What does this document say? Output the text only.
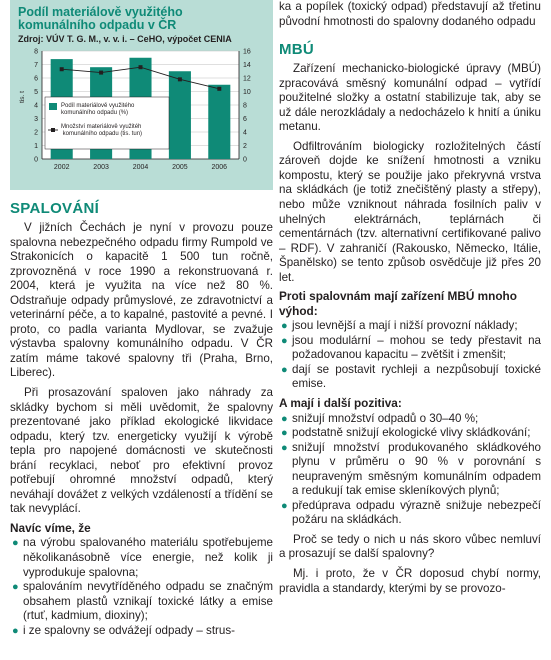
Podíl materiálově využitého
komunálního odpadu v ČR
Zdroj: VÚV T. G. M., v. v. i. – CeHO, výpočet CENIA
0	0
1	2
2	4
3	6
4	8
5	10
6	12
7	14
8	16
tis. t
2002	2003	2004	2005	2006
Podíl materiálově využitého komunálního odpadu (%)
Množství materiálově využitéh komunálního odpadu (tis. tun)
SPALOVÁNÍ

V jižních Čechách je nyní v provozu pouze spalovna nebezpečného odpadu firmy Rumpold ve Strakonicích o kapacitě 1 500 tun ročně, zprovozněná v roce 1990 a rekonstruovaná r. 2004, která je využita na více než 80 %. Odstraňuje odpady průmyslové, ze zdravotnictví a veterinární péče, a to kapalné, pastovité a pevné. I proto, co padla varianta Mydlovar, se zvažuje výstavba spalovny komunálního odpadu. V ČR zatím máme takové spalovny tři (Praha, Brno, Liberec).

Při prosazování spaloven jako náhrady za skládky bychom si měli uvědomit, že spalovny prezentované jako příklad ekologické likvidace odpadu, který tzv. energeticky využijí k výrobě tepla pro napojené domácnosti ve skutečnosti brání recyklaci, neboť pro efektivní provoz potřebují ohromné množství odpadů, který neváhají dovážet z velkých vzdáleností a třídění se tak nevyplácí.

Navíc víme, že
● na výrobu spalovaného materiálu spotřebujeme několikanásobně více energie, než kolik ji vyprodukuje spalovna;
● spalováním nevytříděného odpadu se značným obsahem plastů vznikají toxické látky a emise (rtuť, kadmium, dioxiny);
● i ze spalovny se odvážejí odpady – strus-

ka a popílek (toxický odpad) představují až třetinu původní hmotnosti do spalovny dodaného odpadu

MBÚ

Zařízení mechanicko-biologické úpravy (MBÚ) zpracovává směsný komunální odpad – vytřídí použitelné složky a ostatní stabilizuje tak, aby se už dále nerozkládaly a nedocházelo k hnití a úniku metanu.

Odfiltrováním biologicky rozložitelných částí zároveň dojde ke snížení hmotnosti a vzniku kompostu, který se použije jako překryvná vrstva na skládkách (je totiž znečištěný plasty a střepy), nebo může vzniknout náhrada fosilních paliv v uhelných elektrárnách, teplárnách či cementárnách (tzv. alternativní certifikované palivo – RDF). V zahraničí (Rakousko, Německo, Itálie, Španělsko) se tento způsob osvědčuje již přes 20 let.

Proti spalovnám mají zařízení MBÚ mnoho výhod:
● jsou levnější a mají i nižší provozní náklady;
● jsou modulární – mohou se tedy přestavit na požadovanou kapacitu – zvětšit i zmenšit;
● dají se postavit rychleji a nezpůsobují toxické emise.
A mají i další pozitiva:
● snižují množství odpadů o 30–40 %;
● podstatně snižují ekologické vlivy skládkování;
● snižují množství produkovaného skládkového plynu v průměru o 90 % v porovnání s neupraveným směsným komunálním odpadem a redukují tak emise skleníkových plynů;
● předúprava odpadu výrazně snižuje nebezpečí požáru na skládkách.

Proč se tedy o nich u nás skoro vůbec nemluví a prosazují se další spalovny?

Mj. i proto, že v ČR doposud chybí normy, pravidla a standardy, kterými by se provozo-
